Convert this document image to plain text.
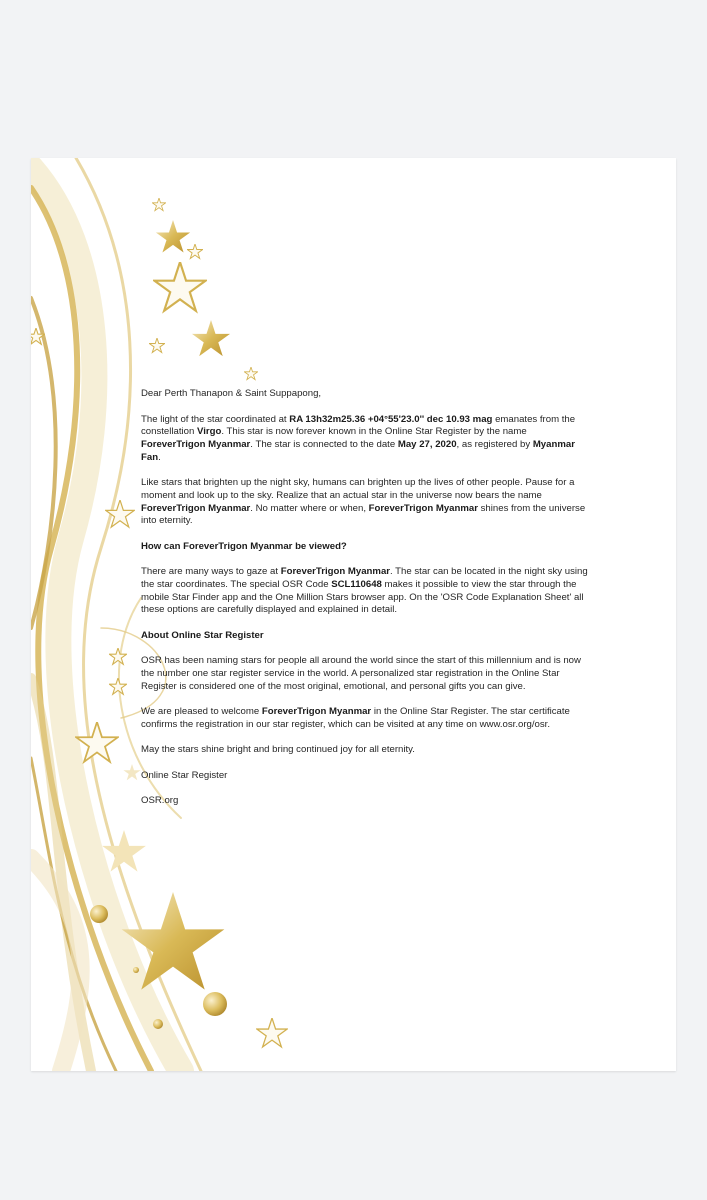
Dear Perth Thanapon & Saint Suppapong,

The light of the star coordinated at RA 13h32m25.36 +04°55'23.0'' dec 10.93 mag emanates from the constellation Virgo. This star is now forever known in the Online Star Register by the name ForeverTrigon Myanmar. The star is connected to the date May 27, 2020, as registered by Myanmar Fan.

Like stars that brighten up the night sky, humans can brighten up the lives of other people. Pause for a moment and look up to the sky. Realize that an actual star in the universe now bears the name ForeverTrigon Myanmar. No matter where or when, ForeverTrigon Myanmar shines from the universe into eternity.

How can ForeverTrigon Myanmar be viewed?

There are many ways to gaze at ForeverTrigon Myanmar. The star can be located in the night sky using the star coordinates. The special OSR Code SCL110648 makes it possible to view the star through the mobile Star Finder app and the One Million Stars browser app. On the 'OSR Code Explanation Sheet' all these options are carefully displayed and explained in detail.

About Online Star Register

OSR has been naming stars for people all around the world since the start of this millennium and is now the number one star register service in the world. A personalized star registration in the Online Star Register is considered one of the most original, emotional, and personal gifts you can give.

We are pleased to welcome ForeverTrigon Myanmar in the Online Star Register. The star certificate confirms the registration in our star register, which can be visited at any time on www.osr.org/osr.

May the stars shine bright and bring continued joy for all eternity.

Online Star Register

OSR.org
